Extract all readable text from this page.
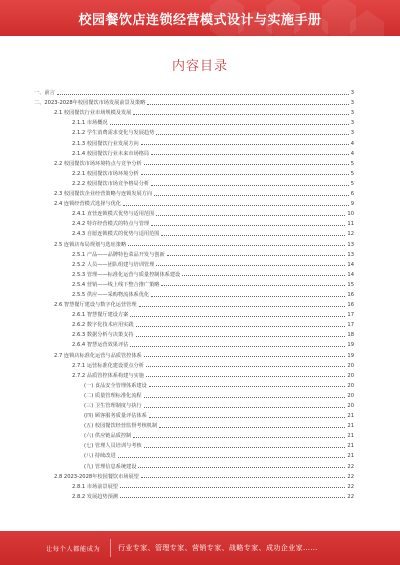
校园餐饮店连锁经营模式设计与实施手册
内容目录
一、前言	3
二、2023-2028年校园餐饮市场发展前景及策略	3
2.1 校园餐饮行业市场规模及发展	3
2.1.1 市场概况	3
2.1.2 学生消费需求变化与发展趋势	3
2.1.3 校园餐饮行业发展方向	4
2.1.4 校园餐饮行业未来市场格局	4
2.2 校园餐饮市场环境特点与竞争分析	5
2.2.1 校园餐饮市场环境分析	5
2.2.2 校园餐饮市场竞争格局分析	5
2.3 校园餐饮企业经营策略与连锁发展方向	6
2.4 连锁经营模式选择与优化	9
2.4.1 直营连锁模式优势与适用范围	10
2.4.2 特许经营模式的特点与管理	11
2.4.3 自愿连锁模式的优势与适用范围	12
2.5 连锁店布局规划与选址策略	13
2.5.1 产品——品牌特色菜品开发与创新	13
2.5.2 人员——团队组建与培训管理	14
2.5.3 管理——标准化运营与质量控制体系建设	14
2.5.4 营销——线上线下整合推广策略	15
2.5.5 供应——采购物流体系优化	16
2.6 智慧餐厅建设与数字化运营管理	16
2.6.1 智慧餐厅建设方案	17
2.6.2 数字化技术应用实践	17
2.6.3 数据分析与决策支持	18
2.6.4 智慧运营效果评估	19
2.7 连锁店标准化运营与品质管控体系	19
2.7.1 运营标准化建设要点分析	20
2.7.2 品质管控体系构建与实施	20
(一) 食品安全管理体系建设	20
(二) 质量管理标准化流程	20
(三) 卫生管理制度与执行	20
(四) 顾客服务质量评估体系	21
(五) 校园餐饮经营监督考核机制	21
(六) 供应链品质控制	21
(七) 管理人员培训与考核	21
(八) 持续改进	21
(九) 管理信息系统建设	22
2.8 2023-2028年校园餐饮市场展望	22
2.8.1 市场前景展望	22
2.8.2 发展趋势预测	22
让每个人都能成为	行业专家、管理专家、营销专家、战略专家、成功企业家……
